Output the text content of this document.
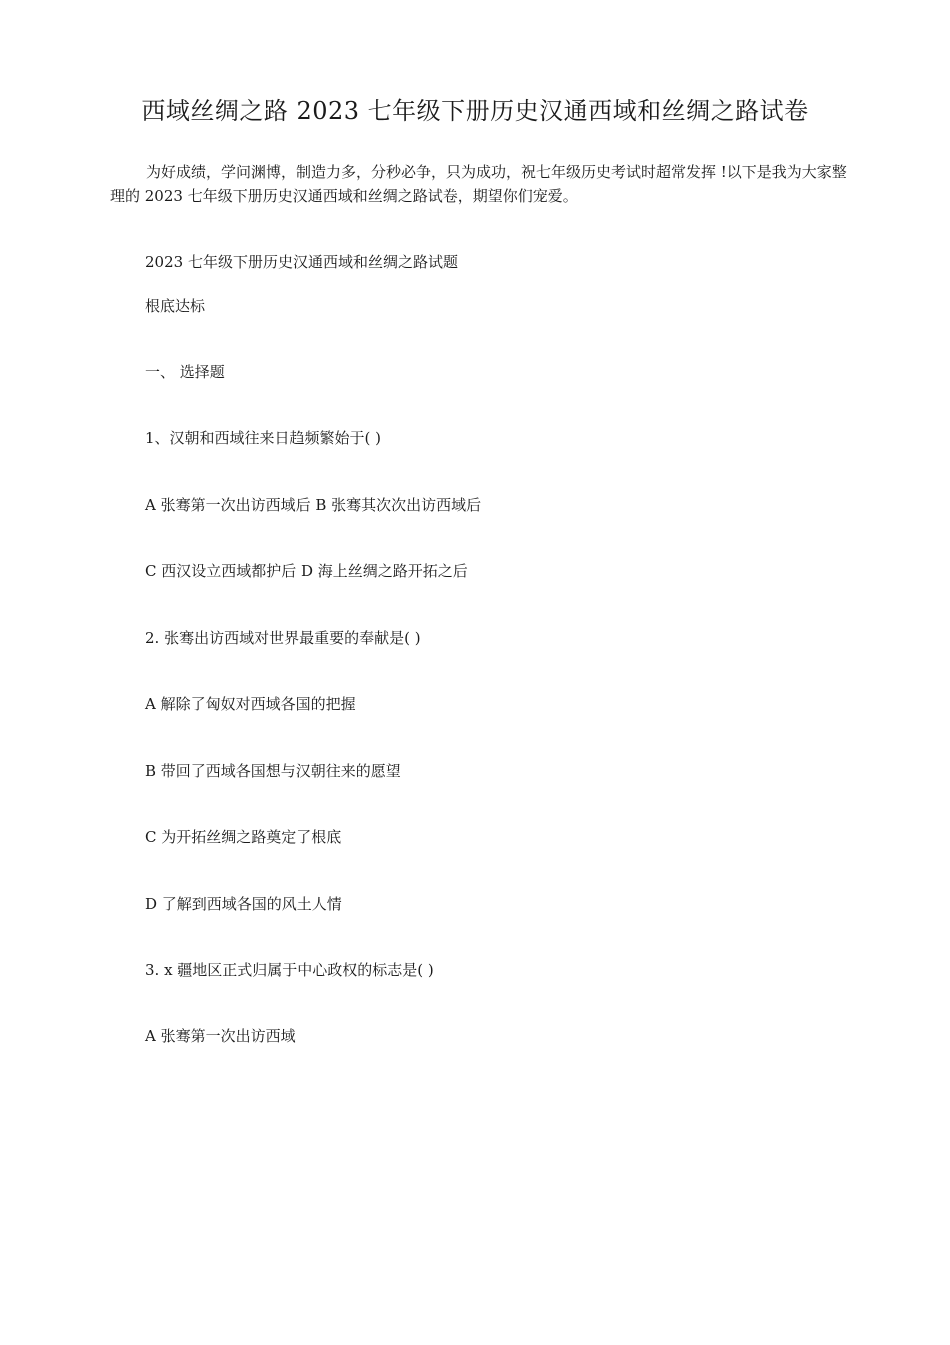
西域丝绸之路 2023 七年级下册历史汉通西域和丝绸之路试卷

为好成绩，学问渊博，制造力多，分秒必争，只为成功，祝七年级历史考试时超常发挥 !以下是我为大家整理的 2023 七年级下册历史汉通西域和丝绸之路试卷，期望你们宠爱。

2023 七年级下册历史汉通西域和丝绸之路试题
根底达标
一、 选择题
1、汉朝和西域往来日趋频繁始于( )
A 张骞第一次出访西域后 B 张骞其次次出访西域后
C 西汉设立西域都护后 D 海上丝绸之路开拓之后
2. 张骞出访西域对世界最重要的奉献是( )
A 解除了匈奴对西域各国的把握
B 带回了西域各国想与汉朝往来的愿望
C 为开拓丝绸之路奠定了根底
D 了解到西域各国的风土人情
3. x 疆地区正式归属于中心政权的标志是( )
A 张骞第一次出访西域
